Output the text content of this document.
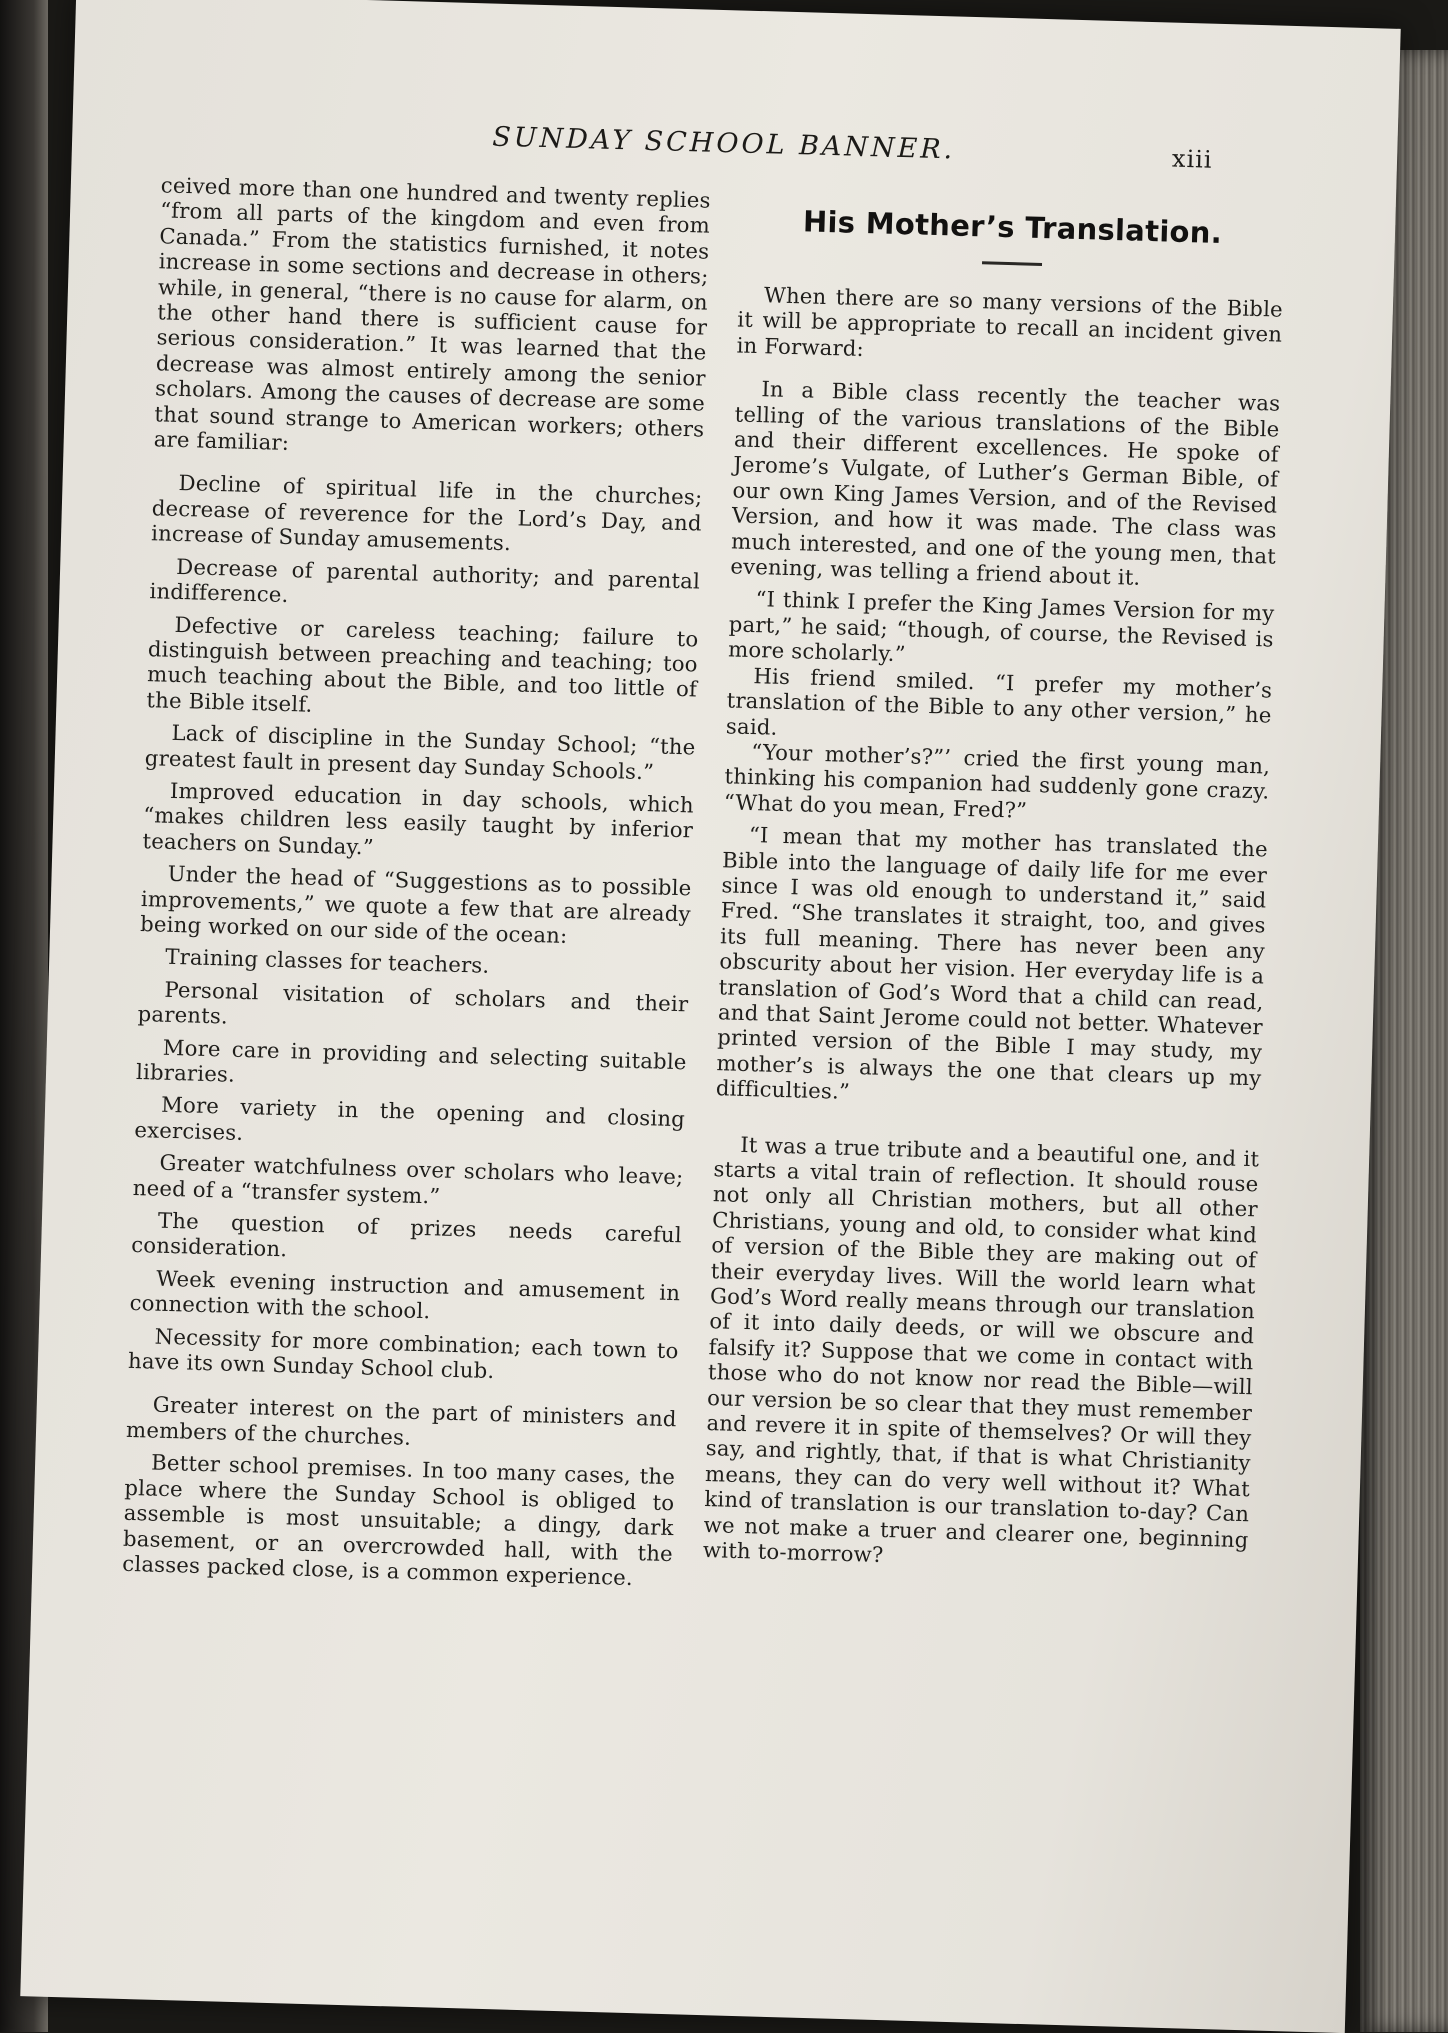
SUNDAY SCHOOL BANNER.	xiii

ceived more than one hundred and twenty replies “from all parts of the kingdom and even from Canada.” From the statistics furnished, it notes increase in some sections and decrease in others; while, in general, “there is no cause for alarm, on the other hand there is sufficient cause for serious consideration.” It was learned that the decrease was almost entirely among the senior scholars. Among the causes of decrease are some that sound strange to American workers; others are familiar:

Decline of spiritual life in the churches; decrease of reverence for the Lord’s Day, and increase of Sunday amusements.

Decrease of parental authority; and parental indifference.

Defective or careless teaching; failure to distinguish between preaching and teaching; too much teaching about the Bible, and too little of the Bible itself.

Lack of discipline in the Sunday School; “the greatest fault in present day Sunday Schools.”

Improved education in day schools, which “makes children less easily taught by inferior teachers on Sunday.”

Under the head of “Suggestions as to possible improvements,” we quote a few that are already being worked on our side of the ocean:

Training classes for teachers.

Personal visitation of scholars and their parents.

More care in providing and selecting suitable libraries.

More variety in the opening and closing exercises.

Greater watchfulness over scholars who leave; need of a “transfer system.”

The question of prizes needs careful consideration.

Week evening instruction and amusement in connection with the school.

Necessity for more combination; each town to have its own Sunday School club.

Greater interest on the part of ministers and members of the churches.

Better school premises. In too many cases, the place where the Sunday School is obliged to assemble is most unsuitable; a dingy, dark basement, or an overcrowded hall, with the classes packed close, is a common experience.

His Mother’s Translation.

When there are so many versions of the Bible it will be appropriate to recall an incident given in Forward:

In a Bible class recently the teacher was telling of the various translations of the Bible and their different excellences. He spoke of Jerome’s Vulgate, of Luther’s German Bible, of our own King James Version, and of the Revised Version, and how it was made. The class was much interested, and one of the young men, that evening, was telling a friend about it.

“I think I prefer the King James Version for my part,” he said; “though, of course, the Revised is more scholarly.”

His friend smiled. “I prefer my mother’s translation of the Bible to any other version,” he said.

“Your mother’s?”’ cried the first young man, thinking his companion had suddenly gone crazy. “What do you mean, Fred?”

“I mean that my mother has translated the Bible into the language of daily life for me ever since I was old enough to understand it,” said Fred. “She translates it straight, too, and gives its full meaning. There has never been any obscurity about her vision. Her everyday life is a translation of God’s Word that a child can read, and that Saint Jerome could not better. Whatever printed version of the Bible I may study, my mother’s is always the one that clears up my difficulties.”

It was a true tribute and a beautiful one, and it starts a vital train of reflection. It should rouse not only all Christian mothers, but all other Christians, young and old, to consider what kind of version of the Bible they are making out of their everyday lives. Will the world learn what God’s Word really means through our translation of it into daily deeds, or will we obscure and falsify it? Suppose that we come in contact with those who do not know nor read the Bible—will our version be so clear that they must remember and revere it in spite of themselves? Or will they say, and rightly, that, if that is what Christianity means, they can do very well without it? What kind of translation is our translation to-day? Can we not make a truer and clearer one, beginning with to-morrow?
